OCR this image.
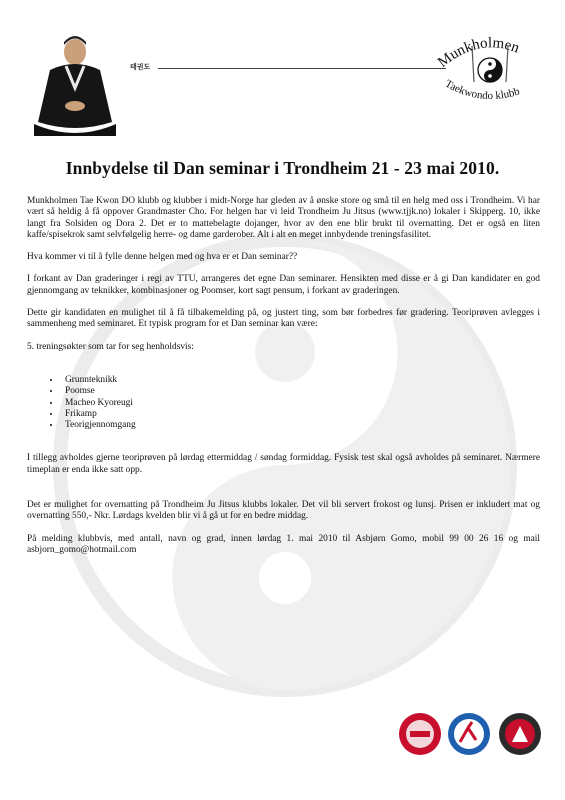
태권도	Munkholmen
Taekwondo klubb
Innbydelse til Dan seminar i Trondheim 21 - 23 mai 2010.

Munkholmen Tae Kwon DO klubb og klubber i midt-Norge har gleden av å ønske store og små til en helg med oss i Trondheim. Vi har vært så heldig å få oppover Grandmaster Cho. For helgen har vi leid Trondheim Ju Jitsus (www.tjjk.no) lokaler i Skipperg. 10, ikke langt fra Solsiden og Dora 2. Det er to mattebelagte dojanger, hvor av den ene blir brukt til overnatting. Det er også en liten kaffe/spisekrok samt selvfølgelig herre- og dame garderober. Alt i alt en meget innbydende treningsfasilitet.

Hva kommer vi til å fylle denne helgen med og hva er et Dan seminar??

I forkant av Dan graderinger i regi av TTU, arrangeres det egne Dan seminarer. Hensikten med disse er å gi Dan kandidater en god gjennomgang av teknikker, kombinasjoner og Poomser, kort sagt pensum, i forkant av graderingen.

Dette gir kandidaten en mulighet til å få tilbakemelding på, og justert ting, som bør forbedres før gradering. Teoriprøven avlegges i sammenheng med seminaret. Et typisk program for et Dan seminar kan være:

5. treningsøkter som tar for seg henholdsvis:

• Grunnteknikk
• Poomse
• Macheo Kyoreugi
• Frikamp
• Teorigjennomgang

I tillegg avholdes gjerne teoriprøven på lørdag ettermiddag / søndag formiddag. Fysisk test skal også avholdes på seminaret. Nærmere timeplan er enda ikke satt opp.

Det er mulighet for overnatting på Trondheim Ju Jitsus klubbs lokaler. Det vil bli servert frokost og lunsj. Prisen er inkludert mat og overnatting 550,- Nkr. Lørdags kvelden blir vi å gå ut for en bedre middag.

På melding klubbvis, med antall, navn og grad, innen lørdag 1. mai 2010 til Asbjørn Gomo, mobil 99 00 26 16 og mail asbjorn_gomo@hotmail.com
